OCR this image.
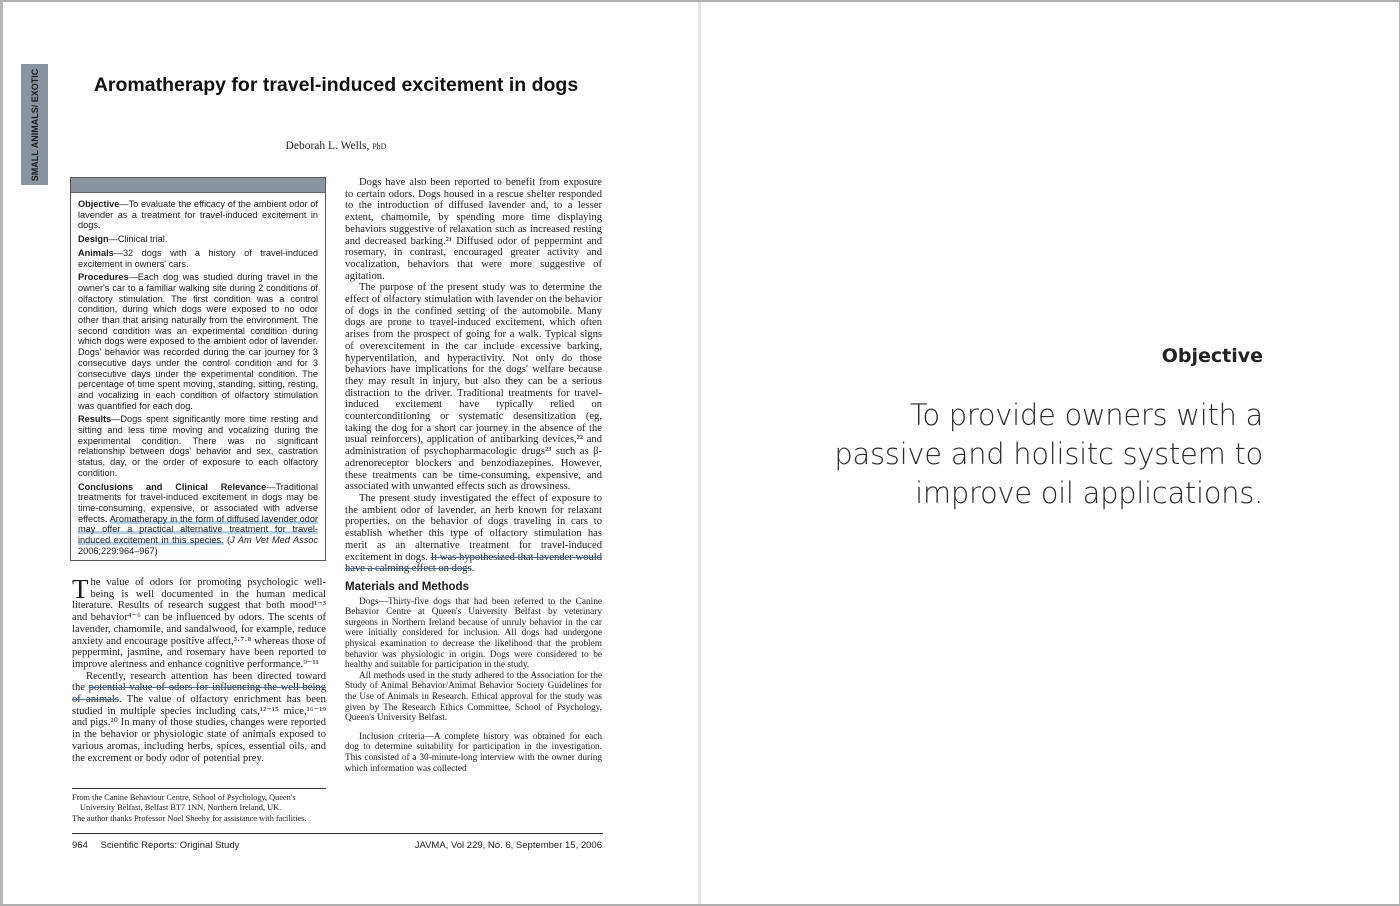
SMALL ANIMALS/ EXOTIC	Aromatherapy for travel-induced excitement in dogs
Deborah L. Wells, PhD

Objective—To evaluate the efficacy of the ambient odor of lavender as a treatment for travel-induced excitement in dogs.

Design—Clinical trial.

Animals—32 dogs with a history of travel-induced excitement in owners' cars.

Procedures—Each dog was studied during travel in the owner's car to a familiar walking site during 2 conditions of olfactory stimulation. The first condition was a control condition, during which dogs were exposed to no odor other than that arising naturally from the environment. The second condition was an experimental condition during which dogs were exposed to the ambient odor of lavender. Dogs' behavior was recorded during the car journey for 3 consecutive days under the control condition and for 3 consecutive days under the experimental condition. The percentage of time spent moving, standing, sitting, resting, and vocalizing in each condition of olfactory stimulation was quantified for each dog.

Results—Dogs spent significantly more time resting and sitting and less time moving and vocalizing during the experimental condition. There was no significant relationship between dogs' behavior and sex, castration status, day, or the order of exposure to each olfactory condition.

Conclusions and Clinical Relevance—Traditional treatments for travel-induced excitement in dogs may be time-consuming, expensive, or associated with adverse effects. Aromatherapy in the form of diffused lavender odor may offer a practical alternative treatment for travel-induced excitement in this species. (J Am Vet Med Assoc 2006;229:964–967)

The value of odors for promoting psychologic well-being is well documented in the human medical literature. Results of research suggest that both mood¹⁻³ and behavior⁴⁻⁶ can be influenced by odors. The scents of lavender, chamomile, and sandalwood, for example, reduce anxiety and encourage positive affect,³·⁷·⁸ whereas those of peppermint, jasmine, and rosemary have been reported to improve alertness and enhance cognitive performance.⁹⁻¹¹

Recently, research attention has been directed toward the potential value of odors for influencing the well-being of animals. The value of olfactory enrichment has been studied in multiple species including cats,¹²⁻¹⁵ mice,¹⁶⁻¹⁹ and pigs.²⁰ In many of those studies, changes were reported in the behavior or physiologic state of animals exposed to various aromas, including herbs, spices, essential oils, and the excrement or body odor of potential prey.

Dogs have also been reported to benefit from exposure to certain odors. Dogs housed in a rescue shelter responded to the introduction of diffused lavender and, to a lesser extent, chamomile, by spending more time displaying behaviors suggestive of relaxation such as increased resting and decreased barking.²¹ Diffused odor of peppermint and rosemary, in contrast, encouraged greater activity and vocalization, behaviors that were more suggestive of agitation.

The purpose of the present study was to determine the effect of olfactory stimulation with lavender on the behavior of dogs in the confined setting of the automobile. Many dogs are prone to travel-induced excitement, which often arises from the prospect of going for a walk. Typical signs of overexcitement in the car include excessive barking, hyperventilation, and hyperactivity. Not only do those behaviors have implications for the dogs' welfare because they may result in injury, but also they can be a serious distraction to the driver. Traditional treatments for travel-induced excitement have typically relied on counterconditioning or systematic desensitization (eg, taking the dog for a short car journey in the absence of the usual reinforcers), application of antibarking devices,²² and administration of psychopharmacologic drugs²³ such as β-adrenoreceptor blockers and benzodiazepines. However, these treatments can be time-consuming, expensive, and associated with unwanted effects such as drowsiness.

The present study investigated the effect of exposure to the ambient odor of lavender, an herb known for relaxant properties, on the behavior of dogs traveling in cars to establish whether this type of olfactory stimulation has merit as an alternative treatment for travel-induced excitement in dogs. It was hypothesized that lavender would have a calming effect on dogs.

Materials and Methods

Dogs—Thirty-five dogs that had been referred to the Canine Behavior Centre at Queen's University Belfast by veterinary surgeons in Northern Ireland because of unruly behavior in the car were initially considered for inclusion. All dogs had undergone physical examination to decrease the likelihood that the problem behavior was physiologic in origin. Dogs were considered to be healthy and suitable for participation in the study.

All methods used in the study adhered to the Association for the Study of Animal Behavior/Animal Behavior Society Guidelines for the Use of Animals in Research. Ethical approval for the study was given by The Research Ethics Committee, School of Psychology, Queen's University Belfast.

Inclusion criteria—A complete history was obtained for each dog to determine suitability for participation in the investigation. This consisted of a 30-minute-long interview with the owner during which information was collected

From the Canine Behaviour Centre, School of Psychology, Queen's

University Belfast, Belfast BT7 1NN, Northern Ireland, UK.

The author thanks Professor Noel Sheehy for assistance with facilities.

964 Scientific Reports: Original Study	JAVMA, Vol 229, No. 6, September 15, 2006
Objective

To provide owners with a passive and holisitc system to improve oil applications.
